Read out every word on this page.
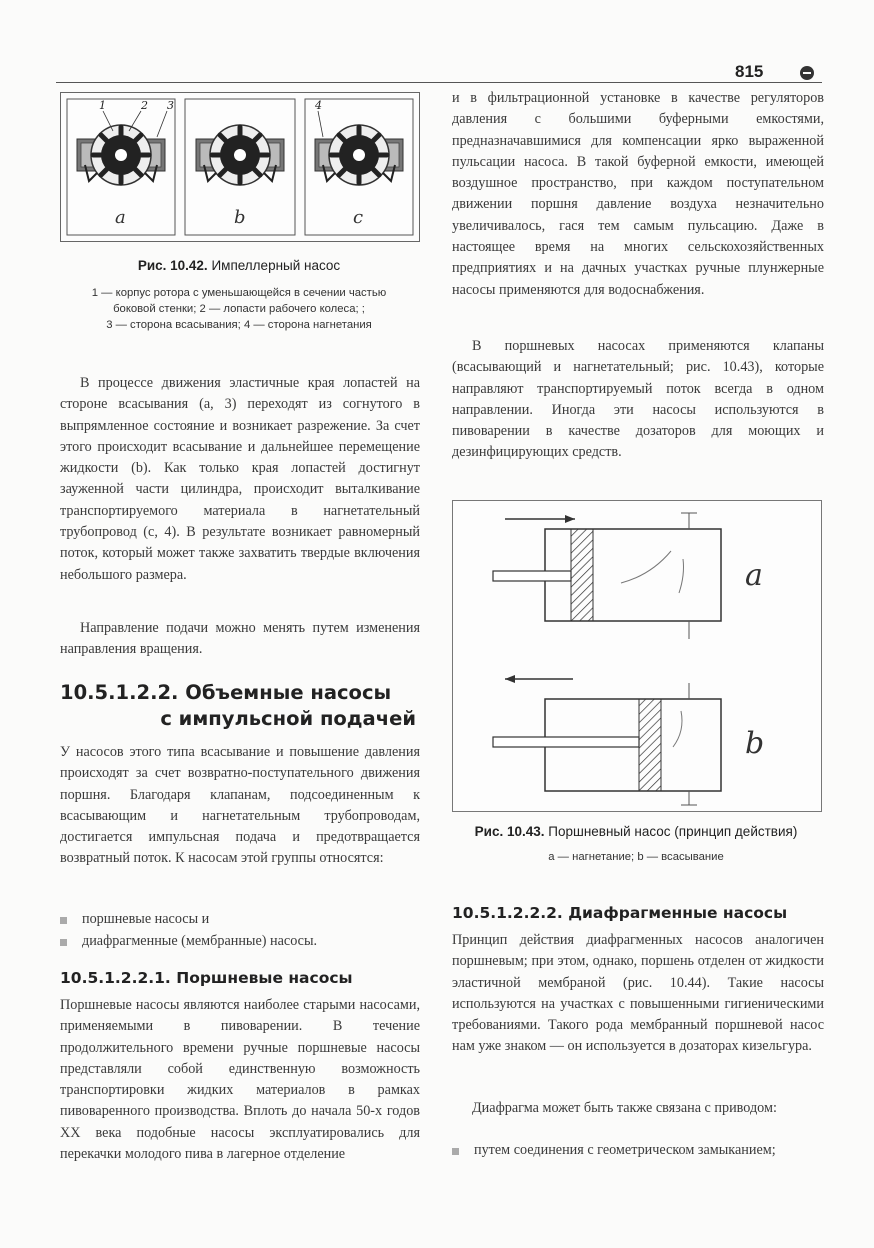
815
1	2 3	4
a	b	c
Рис. 10.42. Импеллерный насос
1 — корпус ротора с уменьшающейся в сечении частью
боковой стенки; 2 — лопасти рабочего колеса; ;
3 — сторона всасывания; 4 — сторона нагнетания

В процессе движения эластичные края лопастей на стороне всасывания (a, 3) переходят из согнутого в выпрямленное состояние и возникает разрежение. За счет этого происходит всасывание и дальнейшее перемещение жидкости (b). Как только края лопастей достигнут зауженной части цилиндра, происходит выталкивание транспортируемого материала в нагнетательный трубопровод (c, 4). В результате возникает равномерный поток, который может также захватить твердые включения небольшого размера.

Направление подачи можно менять путем изменения направления вращения.

10.5.1.2.2. Объемные насосы
с импульсной подачей

У насосов этого типа всасывание и повышение давления происходят за счет возвратно-поступательного движения поршня. Благодаря клапанам, подсоединенным к всасывающим и нагнетательным трубопроводам, достигается импульсная подача и предотвращается возвратный поток. К насосам этой группы относятся:

поршневые насосы и

диафрагменные (мембранные) насосы.

10.5.1.2.2.1. Поршневые насосы

Поршневые насосы являются наиболее старыми насосами, применяемыми в пивоварении. В течение продолжительного времени ручные поршневые насосы представляли собой единственную возможность транспортировки жидких материалов в рамках пивоваренного производства. Вплоть до начала 50-х годов XX века подобные насосы эксплуатировались для перекачки молодого пива в лагерное отделение

и в фильтрационной установке в качестве регуляторов давления с большими буферными емкостями, предназначавшимися для компенсации ярко выраженной пульсации насоса. В такой буферной емкости, имеющей воздушное пространство, при каждом поступательном движении поршня давление воздуха незначительно увеличивалось, гася тем самым пульсацию. Даже в настоящее время на многих сельскохозяйственных предприятиях и на дачных участках ручные плунжерные насосы применяются для водоснабжения.

В поршневых насосах применяются клапаны (всасывающий и нагнетательный; рис. 10.43), которые направляют транспортируемый поток всегда в одном направлении. Иногда эти насосы используются в пивоварении в качестве дозаторов для моющих и дезинфицирующих средств.

a
b
Рис. 10.43. Поршневный насос (принцип действия)
a — нагнетание; b — всасывание
10.5.1.2.2.2. Диафрагменные насосы

Принцип действия диафрагменных насосов аналогичен поршневым; при этом, однако, поршень отделен от жидкости эластичной мембраной (рис. 10.44). Такие насосы используются на участках с повышенными гигиеническими требованиями. Такого рода мембранный поршневой насос нам уже знаком — он используется в дозаторах кизельгура.

Диафрагма может быть также связана с приводом:

путем соединения с геометрическом замыканием;
